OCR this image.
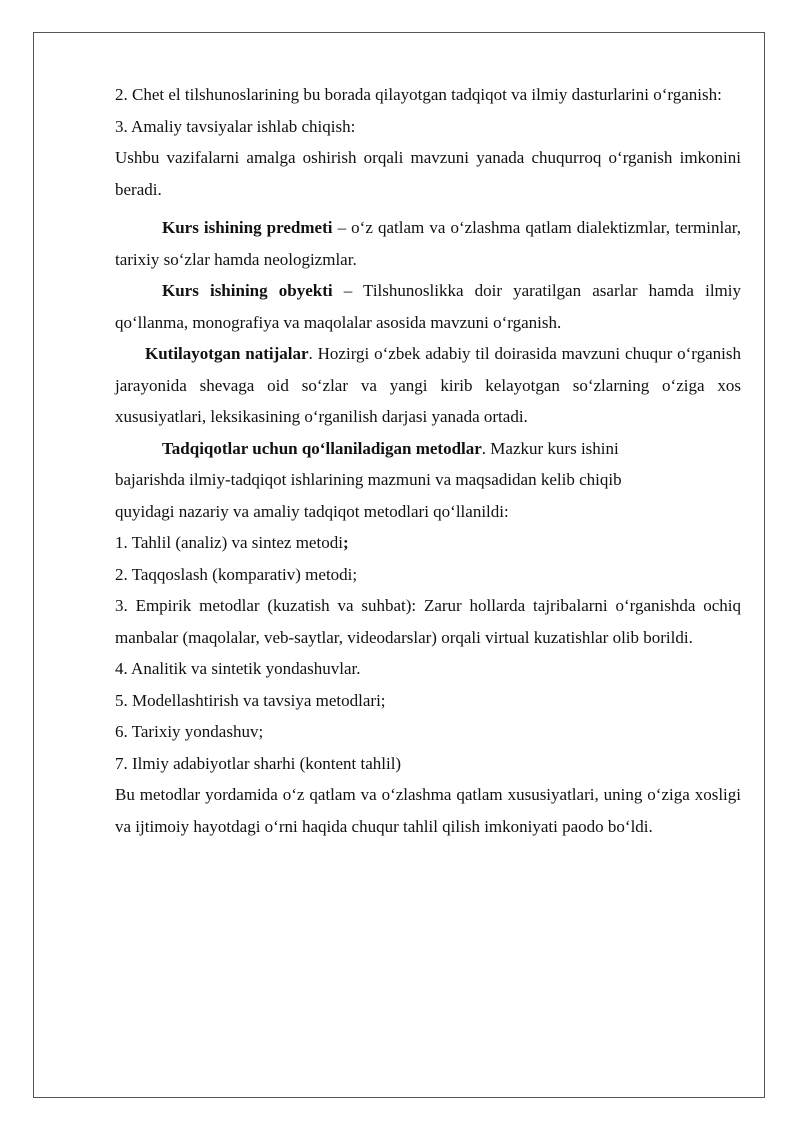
2. Chet el tilshunoslarining bu borada qilayotgan tadqiqot va ilmiy dasturlarini o‘rganish:

3. Amaliy tavsiyalar ishlab chiqish:

Ushbu vazifalarni amalga oshirish orqali mavzuni yanada chuqurroq o‘rganish imkonini beradi.

Kurs ishining predmeti – o‘z qatlam va o‘zlashma qatlam dialektizmlar, terminlar, tarixiy so‘zlar hamda neologizmlar.

Kurs ishining obyekti – Tilshunoslikka doir yaratilgan asarlar hamda ilmiy qo‘llanma, monografiya va maqolalar asosida mavzuni o‘rganish.

Kutilayotgan natijalar. Hozirgi o‘zbek adabiy til doirasida mavzuni chuqur o‘rganish jarayonida shevaga oid so‘zlar va yangi kirib kelayotgan so‘zlarning o‘ziga xos xususiyatlari, leksikasining o‘rganilish darjasi yanada ortadi.

Tadqiqotlar uchun qo‘llaniladigan metodlar. Mazkur kurs ishini

bajarishda ilmiy-tadqiqot ishlarining mazmuni va maqsadidan kelib chiqib

quyidagi nazariy va amaliy tadqiqot metodlari qo‘llanildi:

1. Tahlil (analiz) va sintez metodi;

2. Taqqoslash (komparativ) metodi;

3. Empirik metodlar (kuzatish va suhbat): Zarur hollarda tajribalarni o‘rganishda ochiq manbalar (maqolalar, veb-saytlar, videodarslar) orqali virtual kuzatishlar olib borildi.

4. Analitik va sintetik yondashuvlar.

5. Modellashtirish va tavsiya metodlari;

6. Tarixiy yondashuv;

7. Ilmiy adabiyotlar sharhi (kontent tahlil)

Bu metodlar yordamida o‘z qatlam va o‘zlashma qatlam xususiyatlari, uning o‘ziga xosligi va ijtimoiy hayotdagi o‘rni haqida chuqur tahlil qilish imkoniyati paodo bo‘ldi.
